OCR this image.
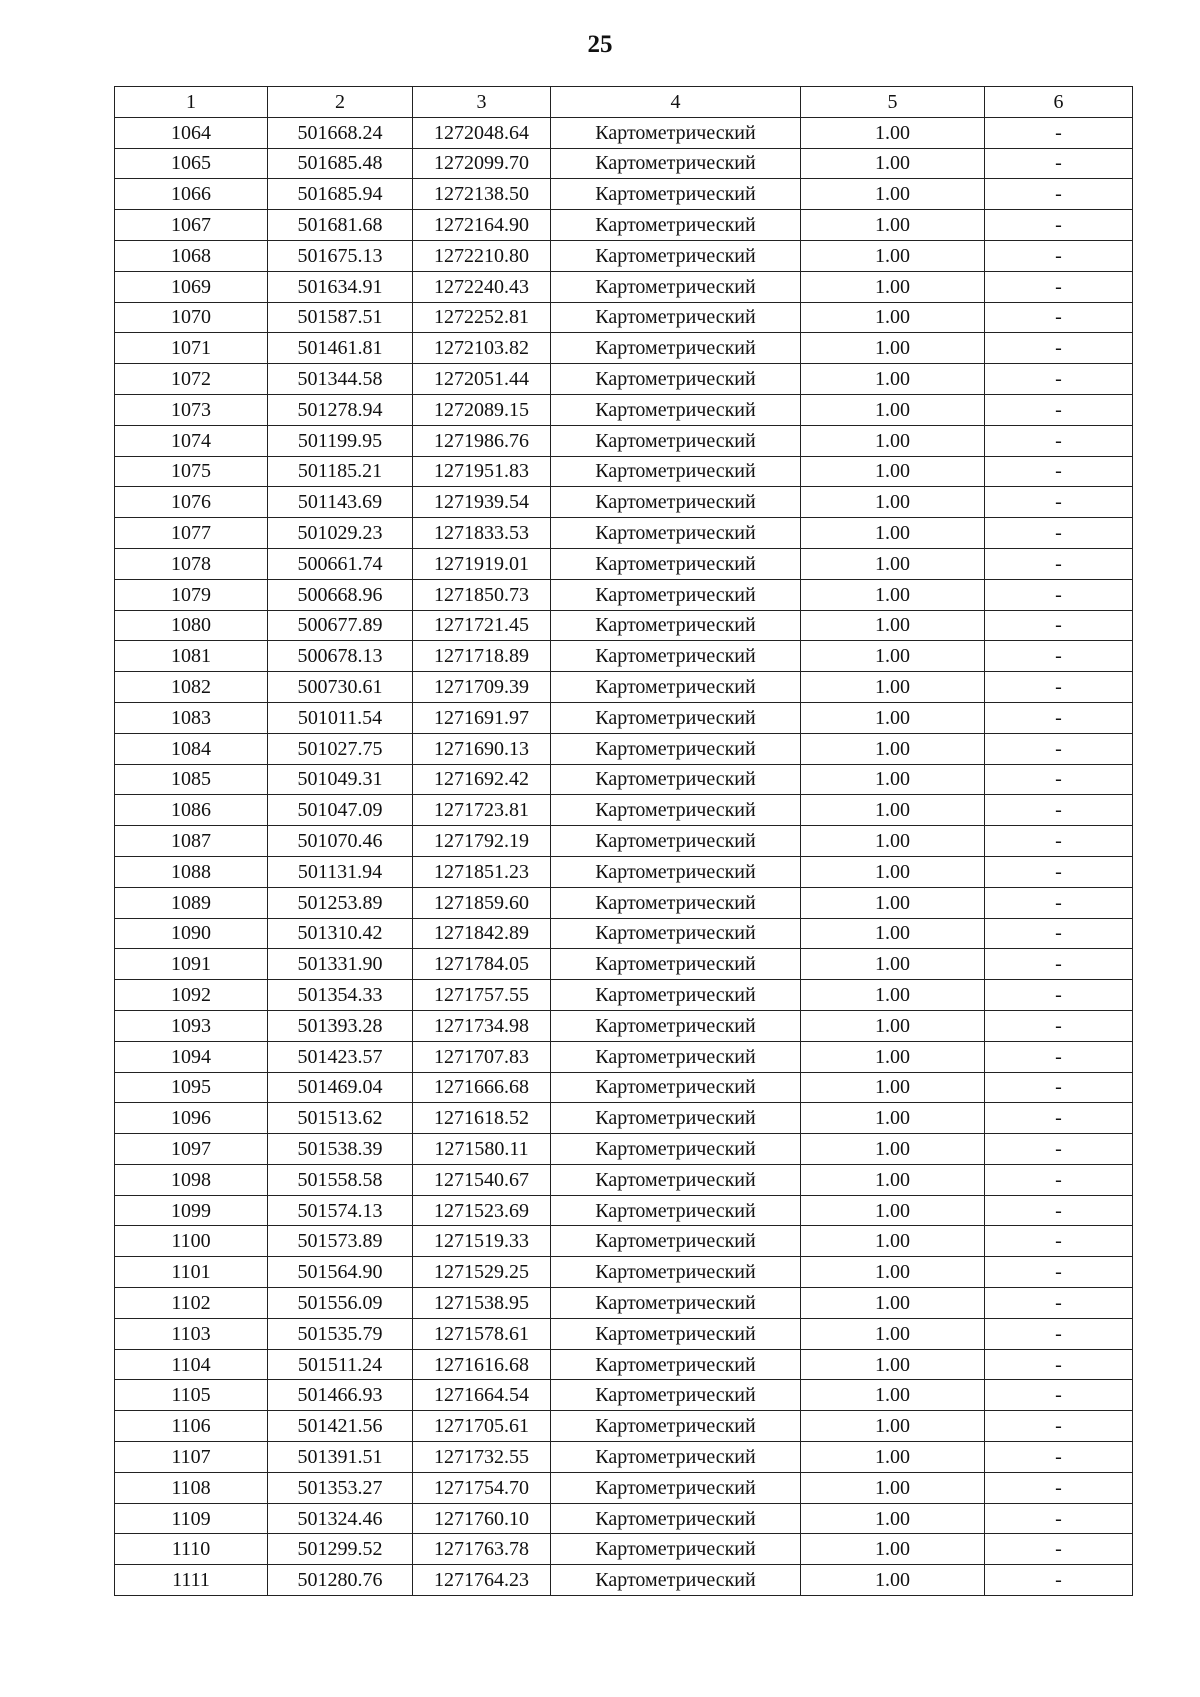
25
1	2	3	4	5	6
1064	501668.24	1272048.64	Картометрический	1.00	-
1065	501685.48	1272099.70	Картометрический	1.00	-
1066	501685.94	1272138.50	Картометрический	1.00	-
1067	501681.68	1272164.90	Картометрический	1.00	-
1068	501675.13	1272210.80	Картометрический	1.00	-
1069	501634.91	1272240.43	Картометрический	1.00	-
1070	501587.51	1272252.81	Картометрический	1.00	-
1071	501461.81	1272103.82	Картометрический	1.00	-
1072	501344.58	1272051.44	Картометрический	1.00	-
1073	501278.94	1272089.15	Картометрический	1.00	-
1074	501199.95	1271986.76	Картометрический	1.00	-
1075	501185.21	1271951.83	Картометрический	1.00	-
1076	501143.69	1271939.54	Картометрический	1.00	-
1077	501029.23	1271833.53	Картометрический	1.00	-
1078	500661.74	1271919.01	Картометрический	1.00	-
1079	500668.96	1271850.73	Картометрический	1.00	-
1080	500677.89	1271721.45	Картометрический	1.00	-
1081	500678.13	1271718.89	Картометрический	1.00	-
1082	500730.61	1271709.39	Картометрический	1.00	-
1083	501011.54	1271691.97	Картометрический	1.00	-
1084	501027.75	1271690.13	Картометрический	1.00	-
1085	501049.31	1271692.42	Картометрический	1.00	-
1086	501047.09	1271723.81	Картометрический	1.00	-
1087	501070.46	1271792.19	Картометрический	1.00	-
1088	501131.94	1271851.23	Картометрический	1.00	-
1089	501253.89	1271859.60	Картометрический	1.00	-
1090	501310.42	1271842.89	Картометрический	1.00	-
1091	501331.90	1271784.05	Картометрический	1.00	-
1092	501354.33	1271757.55	Картометрический	1.00	-
1093	501393.28	1271734.98	Картометрический	1.00	-
1094	501423.57	1271707.83	Картометрический	1.00	-
1095	501469.04	1271666.68	Картометрический	1.00	-
1096	501513.62	1271618.52	Картометрический	1.00	-
1097	501538.39	1271580.11	Картометрический	1.00	-
1098	501558.58	1271540.67	Картометрический	1.00	-
1099	501574.13	1271523.69	Картометрический	1.00	-
1100	501573.89	1271519.33	Картометрический	1.00	-
1101	501564.90	1271529.25	Картометрический	1.00	-
1102	501556.09	1271538.95	Картометрический	1.00	-
1103	501535.79	1271578.61	Картометрический	1.00	-
1104	501511.24	1271616.68	Картометрический	1.00	-
1105	501466.93	1271664.54	Картометрический	1.00	-
1106	501421.56	1271705.61	Картометрический	1.00	-
1107	501391.51	1271732.55	Картометрический	1.00	-
1108	501353.27	1271754.70	Картометрический	1.00	-
1109	501324.46	1271760.10	Картометрический	1.00	-
1110	501299.52	1271763.78	Картометрический	1.00	-
1111	501280.76	1271764.23	Картометрический	1.00	-
